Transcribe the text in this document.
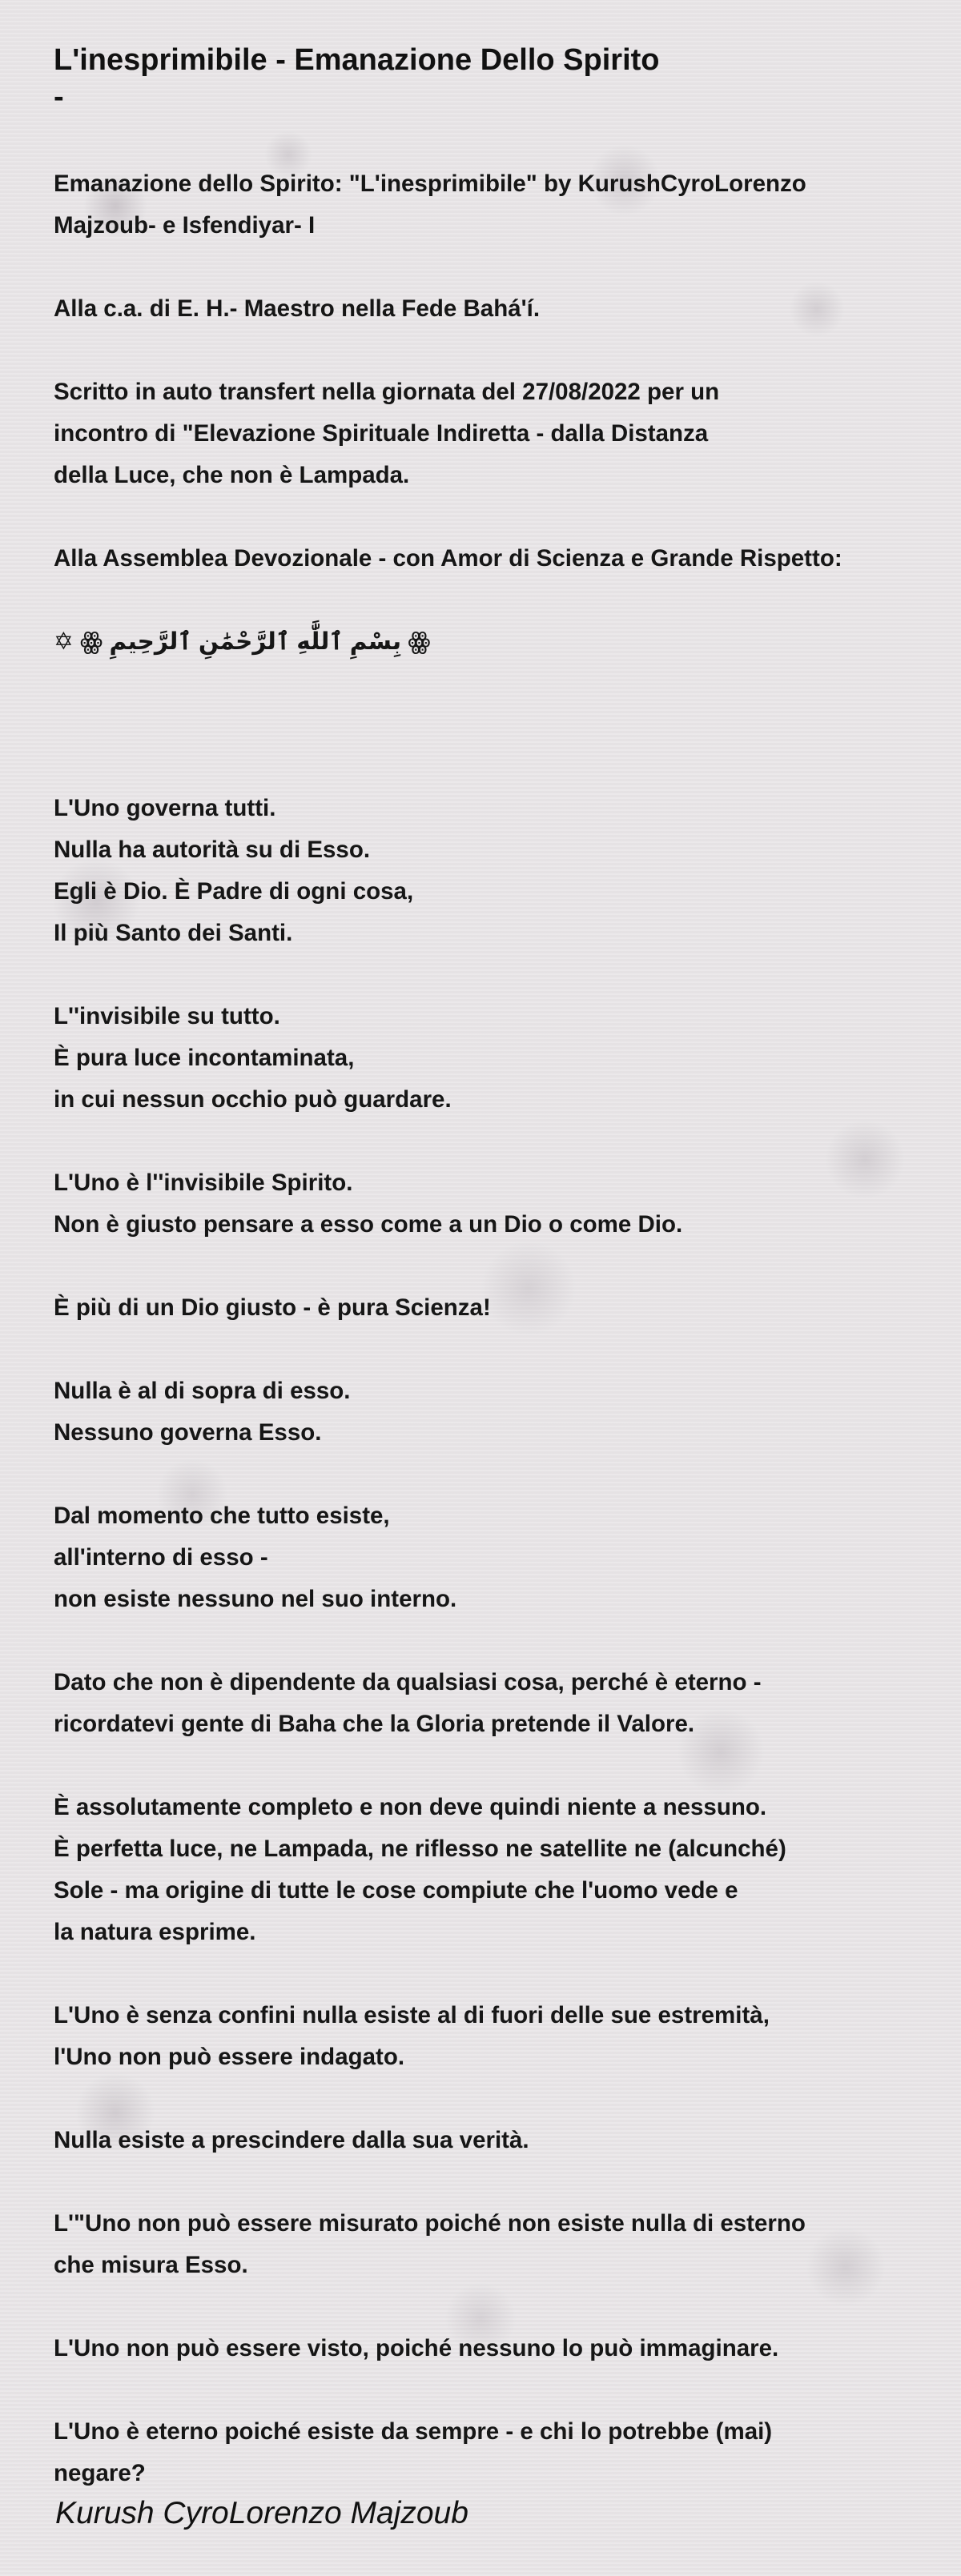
L'inesprimibile - Emanazione Dello Spirito
-
Emanazione dello Spirito: "L'inesprimibile" by KurushCyroLorenzo
Majzoub- e Isfendiyar- I
Alla c.a. di E. H.- Maestro nella Fede Bahá'í.
Scritto in auto transfert nella giornata del 27/08/2022 per un
incontro di "Elevazione Spirituale Indiretta - dalla Distanza
della Luce, che non è Lampada.
Alla Assemblea Devozionale - con Amor di Scienza e Grande Rispetto:
✡ ꙮ بِسْمِ ٱللَّٰهِ ٱلرَّحْمَٰنِ ٱلرَّحِيمِ ꙮ

L'Uno governa tutti.
Nulla ha autorità su di Esso.
Egli è Dio. È Padre di ogni cosa,
Il più Santo dei Santi.
L''invisibile su tutto.
È pura luce incontaminata,
in cui nessun occhio può guardare.
L'Uno è l''invisibile Spirito.
Non è giusto pensare a esso come a un Dio o come Dio.
È più di un Dio giusto - è pura Scienza!
Nulla è al di sopra di esso.
Nessuno governa Esso.
Dal momento che tutto esiste,
all'interno di esso -
non esiste nessuno nel suo interno.
Dato che non è dipendente da qualsiasi cosa, perché è eterno -
ricordatevi gente di Baha che la Gloria pretende il Valore.
È assolutamente completo e non deve quindi niente a nessuno.
È perfetta luce, ne Lampada, ne riflesso ne satellite ne (alcunché)
Sole - ma origine di tutte le cose compiute che l'uomo vede e
la natura esprime.
L'Uno è senza confini nulla esiste al di fuori delle sue estremità,
l'Uno non può essere indagato.
Nulla esiste a prescindere dalla sua verità.
L'"Uno non può essere misurato poiché non esiste nulla di esterno
che misura Esso.
L'Uno non può essere visto, poiché nessuno lo può immaginare.
L'Uno è eterno poiché esiste da sempre - e chi lo potrebbe (mai)
negare?
Kurush CyroLorenzo Majzoub
